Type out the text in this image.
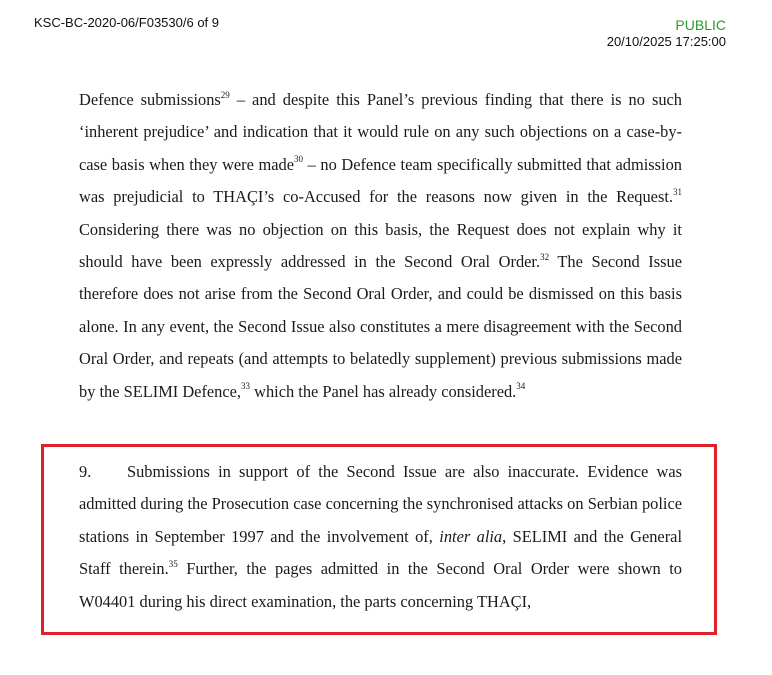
KSC-BC-2020-06/F03530/6 of 9	PUBLIC
20/10/2025 17:25:00
Defence submissions$^{29}$ – and despite this Panel’s previous finding that there is no such ‘inherent prejudice’ and indication that it would rule on any such objections on a case-by-case basis when they were made$^{30}$ – no Defence team specifically submitted that admission was prejudicial to THAÇI’s co-Accused for the reasons now given in the Request.$^{31}$ Considering there was no objection on this basis, the Request does not explain why it should have been expressly addressed in the Second Oral Order.$^{32}$ The Second Issue therefore does not arise from the Second Oral Order, and could be dismissed on this basis alone. In any event, the Second Issue also constitutes a mere disagreement with the Second Oral Order, and repeats (and attempts to belatedly supplement) previous submissions made by the SELIMI Defence,$^{33}$ which the Panel has already considered.$^{34}$
9. Submissions in support of the Second Issue are also inaccurate. Evidence was admitted during the Prosecution case concerning the synchronised attacks on Serbian police stations in September 1997 and the involvement of, inter alia, SELIMI and the General Staff therein.$^{35}$ Further, the pages admitted in the Second Oral Order were shown to W04401 during his direct examination, the parts concerning THAÇI,
